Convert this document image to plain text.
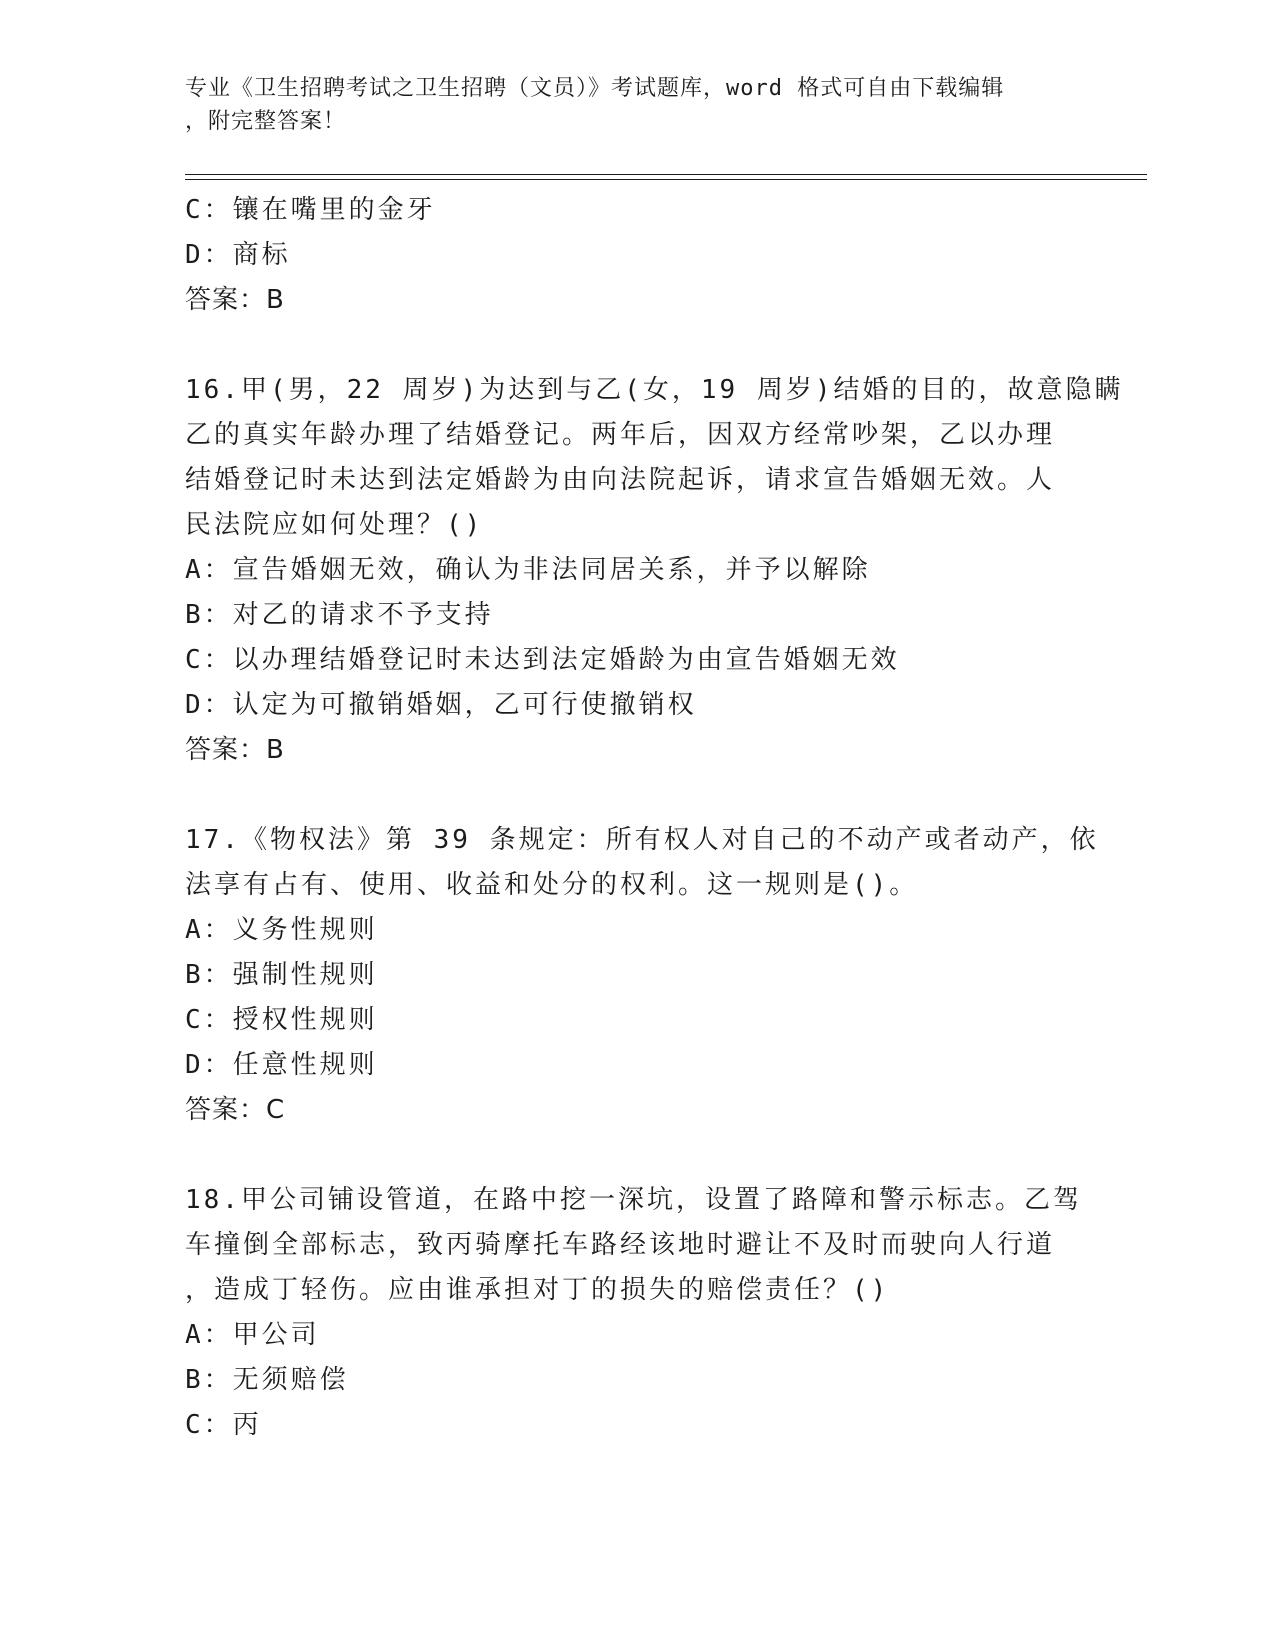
专业《卫生招聘考试之卫生招聘（文员）》考试题库，word 格式可自由下载编辑
，附完整答案！
C：镶在嘴里的金牙
D：商标
答案：B
16.甲(男，22 周岁)为达到与乙(女，19 周岁)结婚的目的，故意隐瞒
乙的真实年龄办理了结婚登记。两年后，因双方经常吵架，乙以办理
结婚登记时未达到法定婚龄为由向法院起诉，请求宣告婚姻无效。人
民法院应如何处理？()
A：宣告婚姻无效，确认为非法同居关系，并予以解除
B：对乙的请求不予支持
C：以办理结婚登记时未达到法定婚龄为由宣告婚姻无效
D：认定为可撤销婚姻，乙可行使撤销权
答案：B
17.《物权法》第 39 条规定：所有权人对自己的不动产或者动产，依
法享有占有、使用、收益和处分的权利。这一规则是()。
A：义务性规则
B：强制性规则
C：授权性规则
D：任意性规则
答案：C
18.甲公司铺设管道，在路中挖一深坑，设置了路障和警示标志。乙驾
车撞倒全部标志，致丙骑摩托车路经该地时避让不及时而驶向人行道
，造成丁轻伤。应由谁承担对丁的损失的赔偿责任？()
A：甲公司
B：无须赔偿
C：丙
